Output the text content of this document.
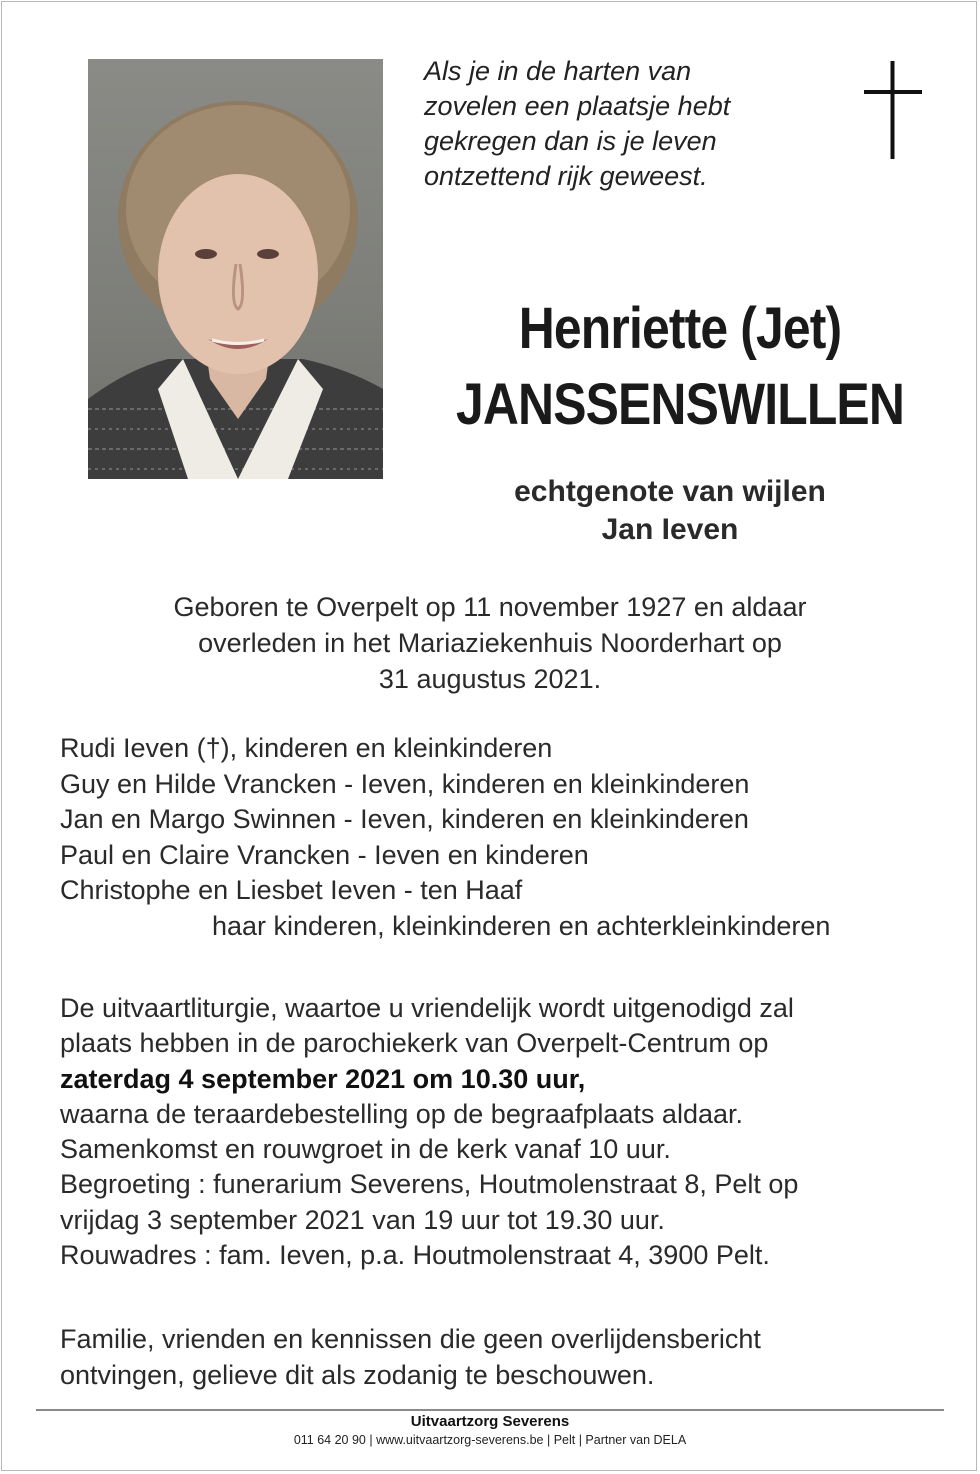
Als je in de harten van
zovelen een plaatsje hebt
gekregen dan is je leven
ontzettend rijk geweest.
Henriette (Jet)
JANSSENSWILLEN
echtgenote van wijlen
Jan Ieven
Geboren te Overpelt op 11 november 1927 en aldaar
overleden in het Mariaziekenhuis Noorderhart op
31 augustus 2021.
Rudi Ieven (†), kinderen en kleinkinderen
Guy en Hilde Vrancken - Ieven, kinderen en kleinkinderen
Jan en Margo Swinnen - Ieven, kinderen en kleinkinderen
Paul en Claire Vrancken - Ieven en kinderen
Christophe en Liesbet Ieven - ten Haaf
haar kinderen, kleinkinderen en achterkleinkinderen
De uitvaartliturgie, waartoe u vriendelijk wordt uitgenodigd zal
plaats hebben in de parochiekerk van Overpelt-Centrum op
zaterdag 4 september 2021 om 10.30 uur,
waarna de teraardebestelling op de begraafplaats aldaar.
Samenkomst en rouwgroet in de kerk vanaf 10 uur.
Begroeting : funerarium Severens, Houtmolenstraat 8, Pelt op
vrijdag 3 september 2021 van 19 uur tot 19.30 uur.
Rouwadres : fam. Ieven, p.a. Houtmolenstraat 4, 3900 Pelt.
Familie, vrienden en kennissen die geen overlijdensbericht
ontvingen, gelieve dit als zodanig te beschouwen.
Uitvaartzorg Severens
011 64 20 90 | www.uitvaartzorg-severens.be | Pelt | Partner van DELA
